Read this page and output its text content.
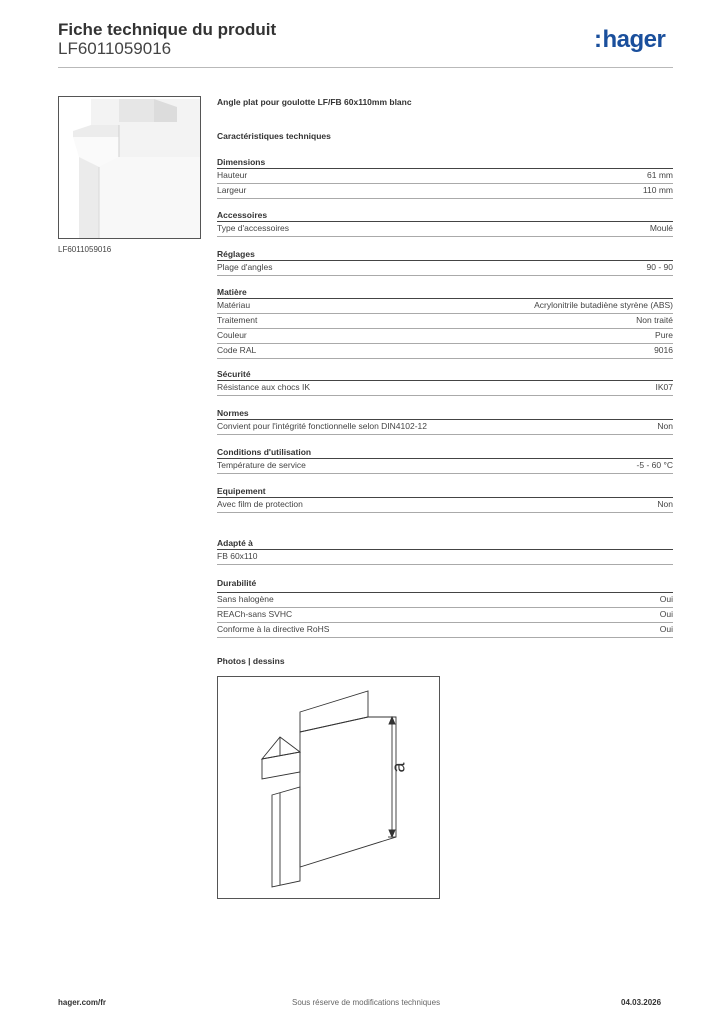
Fiche technique du produit
LF6011059016	:hager
LF6011059016
Angle plat pour goulotte LF/FB 60x110mm blanc
Caractéristiques techniques
Dimensions
Hauteur	61 mm
Largeur	110 mm
Accessoires
Type d'accessoires	Moulé
Réglages
Plage d'angles	90 - 90
Matière
Matériau	Acrylonitrile butadiène styrène (ABS)
Traitement	Non traité
Couleur	Pure
Code RAL	9016
Sécurité
Résistance aux chocs IK	IK07
Normes
Convient pour l'intégrité fonctionnelle selon DIN4102-12	Non
Conditions d'utilisation
Température de service	-5 - 60 °C
Equipement
Avec film de protection	Non
Adapté à
FB 60x110
Durabilité
Sans halogène	Oui
REACh-sans SVHC	Oui
Conforme à la directive RoHS	Oui
Photos | dessins
a
hager.com/fr	Sous réserve de modifications techniques	04.03.2026
